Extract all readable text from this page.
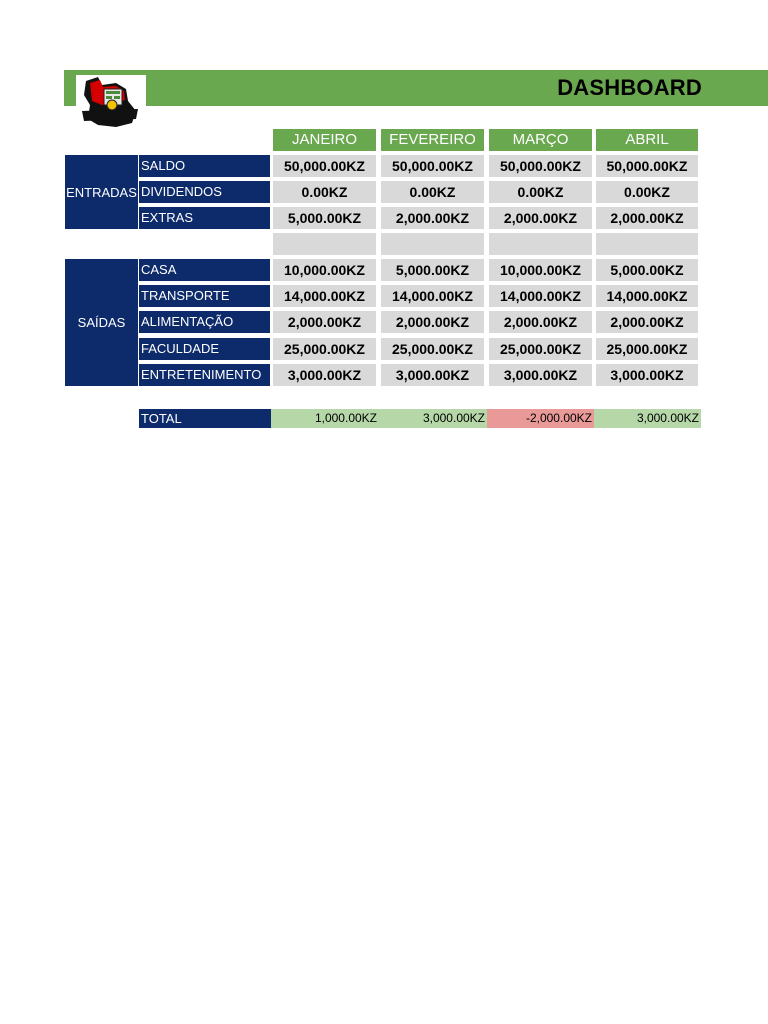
DASHBOARD
JANEIRO	FEVEREIRO	MARÇO	ABRIL
ENTRADAS
SALDO	50,000.00KZ	50,000.00KZ	50,000.00KZ	50,000.00KZ
DIVIDENDOS	0.00KZ	0.00KZ	0.00KZ	0.00KZ
EXTRAS	5,000.00KZ	2,000.00KZ	2,000.00KZ	2,000.00KZ
SAÍDAS
CASA	10,000.00KZ	5,000.00KZ	10,000.00KZ	5,000.00KZ
TRANSPORTE	14,000.00KZ	14,000.00KZ	14,000.00KZ	14,000.00KZ
ALIMENTAÇÃO	2,000.00KZ	2,000.00KZ	2,000.00KZ	2,000.00KZ
FACULDADE	25,000.00KZ	25,000.00KZ	25,000.00KZ	25,000.00KZ
ENTRETENIMENTO	3,000.00KZ	3,000.00KZ	3,000.00KZ	3,000.00KZ
TOTAL	1,000.00KZ	3,000.00KZ	-2,000.00KZ	3,000.00KZ
